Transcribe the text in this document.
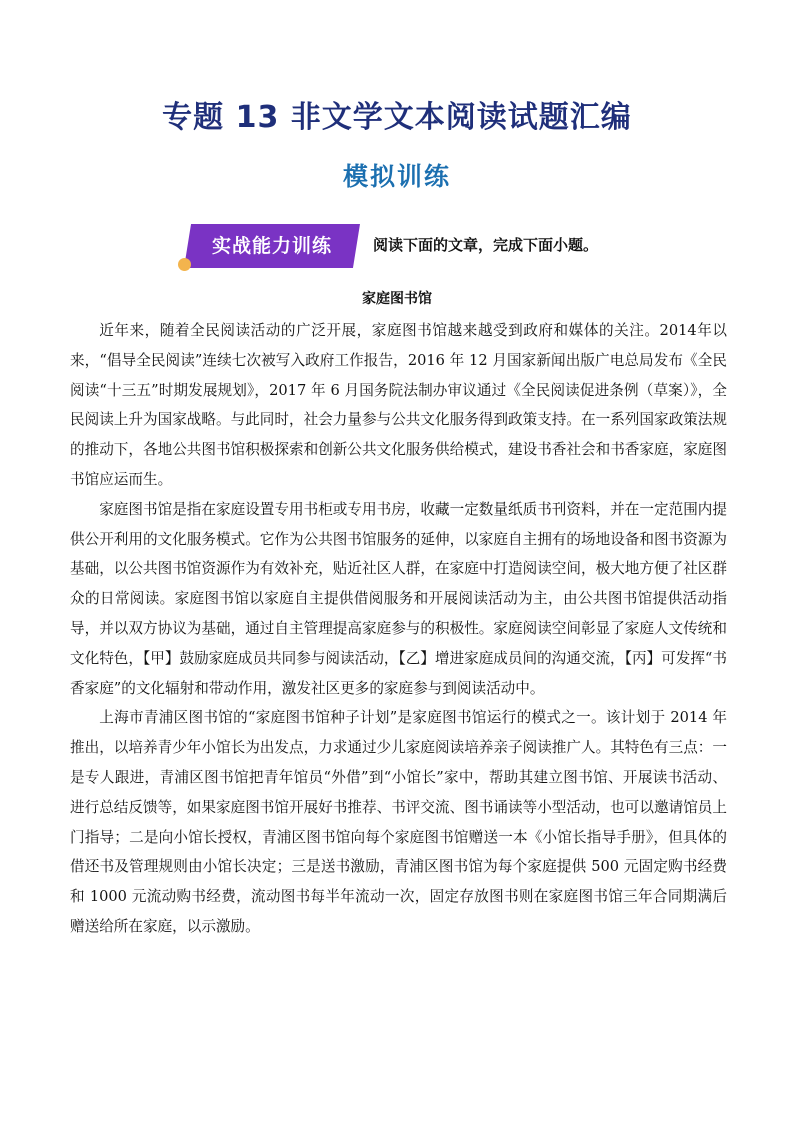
专题 13 非文学文本阅读试题汇编
模拟训练
实战能力训练	阅读下面的文章，完成下面小题。
家庭图书馆

近年来，随着全民阅读活动的广泛开展，家庭图书馆越来越受到政府和媒体的关注。2014年以来，“倡导全民阅读”连续七次被写入政府工作报告，2016 年 12 月国家新闻出版广电总局发布《全民阅读“十三五”时期发展规划》，2017 年 6 月国务院法制办审议通过《全民阅读促进条例（草案）》，全民阅读上升为国家战略。与此同时，社会力量参与公共文化服务得到政策支持。在一系列国家政策法规的推动下，各地公共图书馆积极探索和创新公共文化服务供给模式，建设书香社会和书香家庭，家庭图书馆应运而生。

家庭图书馆是指在家庭设置专用书柜或专用书房，收藏一定数量纸质书刊资料，并在一定范围内提供公开利用的文化服务模式。它作为公共图书馆服务的延伸，以家庭自主拥有的场地设备和图书资源为基础，以公共图书馆资源作为有效补充，贴近社区人群，在家庭中打造阅读空间，极大地方便了社区群众的日常阅读。家庭图书馆以家庭自主提供借阅服务和开展阅读活动为主，由公共图书馆提供活动指导，并以双方协议为基础，通过自主管理提高家庭参与的积极性。家庭阅读空间彰显了家庭人文传统和文化特色，【甲】鼓励家庭成员共同参与阅读活动，【乙】增进家庭成员间的沟通交流，【丙】可发挥“书香家庭”的文化辐射和带动作用，激发社区更多的家庭参与到阅读活动中。

上海市青浦区图书馆的“家庭图书馆种子计划”是家庭图书馆运行的模式之一。该计划于 2014 年推出，以培养青少年小馆长为出发点，力求通过少儿家庭阅读培养亲子阅读推广人。其特色有三点：一是专人跟进，青浦区图书馆把青年馆员“外借”到“小馆长”家中，帮助其建立图书馆、开展读书活动、进行总结反馈等，如果家庭图书馆开展好书推荐、书评交流、图书诵读等小型活动，也可以邀请馆员上门指导；二是向小馆长授权，青浦区图书馆向每个家庭图书馆赠送一本《小馆长指导手册》，但具体的借还书及管理规则由小馆长决定；三是送书激励，青浦区图书馆为每个家庭提供 500 元固定购书经费和 1000 元流动购书经费，流动图书每半年流动一次，固定存放图书则在家庭图书馆三年合同期满后赠送给所在家庭，以示激励。
